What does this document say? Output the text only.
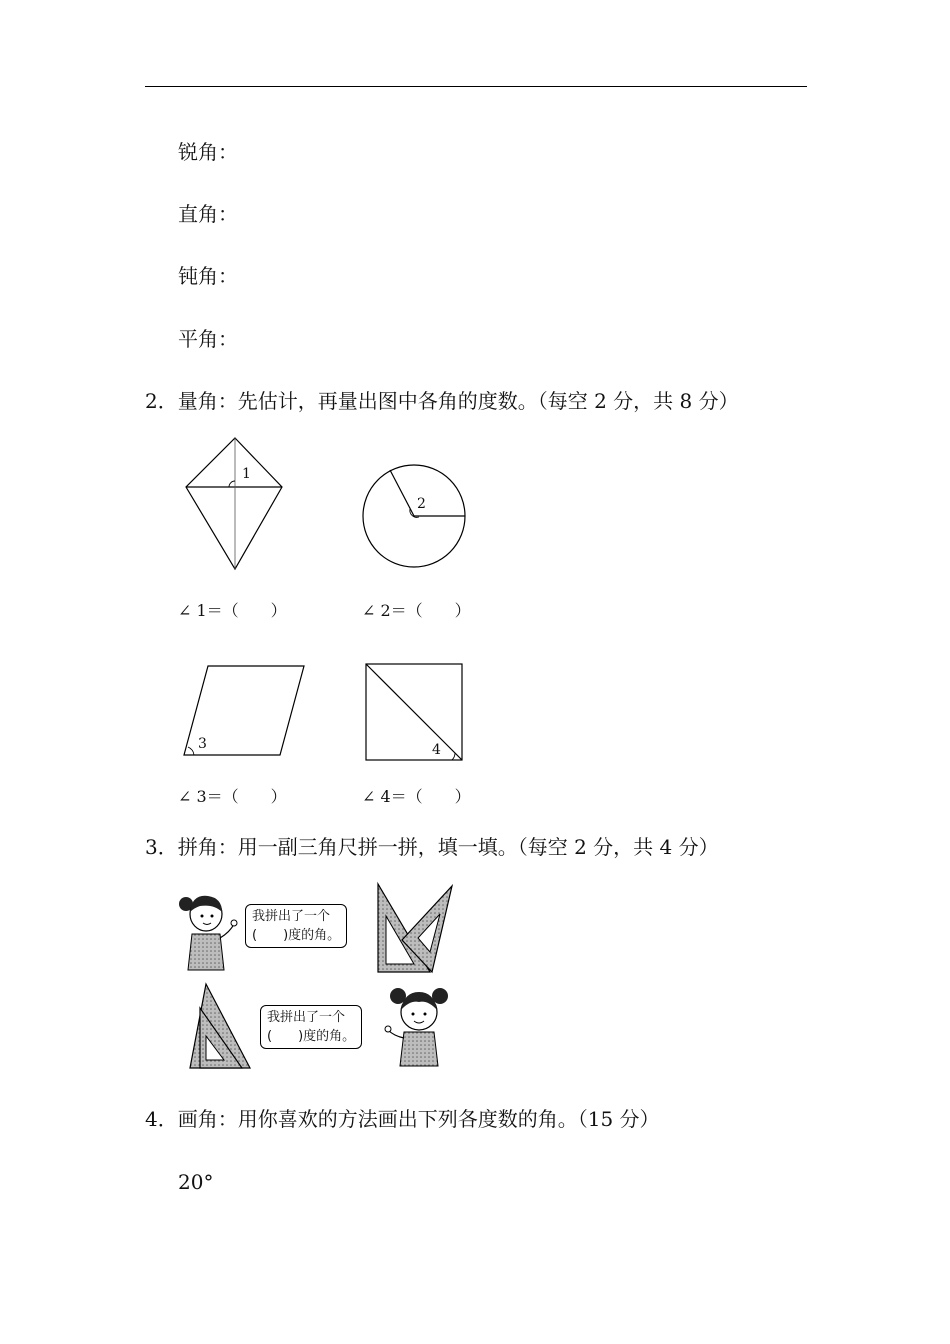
锐角：
直角：
钝角：
平角：
2．量角：先估计，再量出图中各角的度数。（每空 2 分，共 8 分）
1
2
∠ 1＝（　　）	∠ 2＝（　　）
3	4
∠ 3＝（　　）	∠ 4＝（　　）
3．拼角：用一副三角尺拼一拼，填一填。（每空 2 分，共 4 分）
我拼出了一个
(　　)度的角。
我拼出了一个
(　　)度的角。
4．画角：用你喜欢的方法画出下列各度数的角。（15 分）
20°
